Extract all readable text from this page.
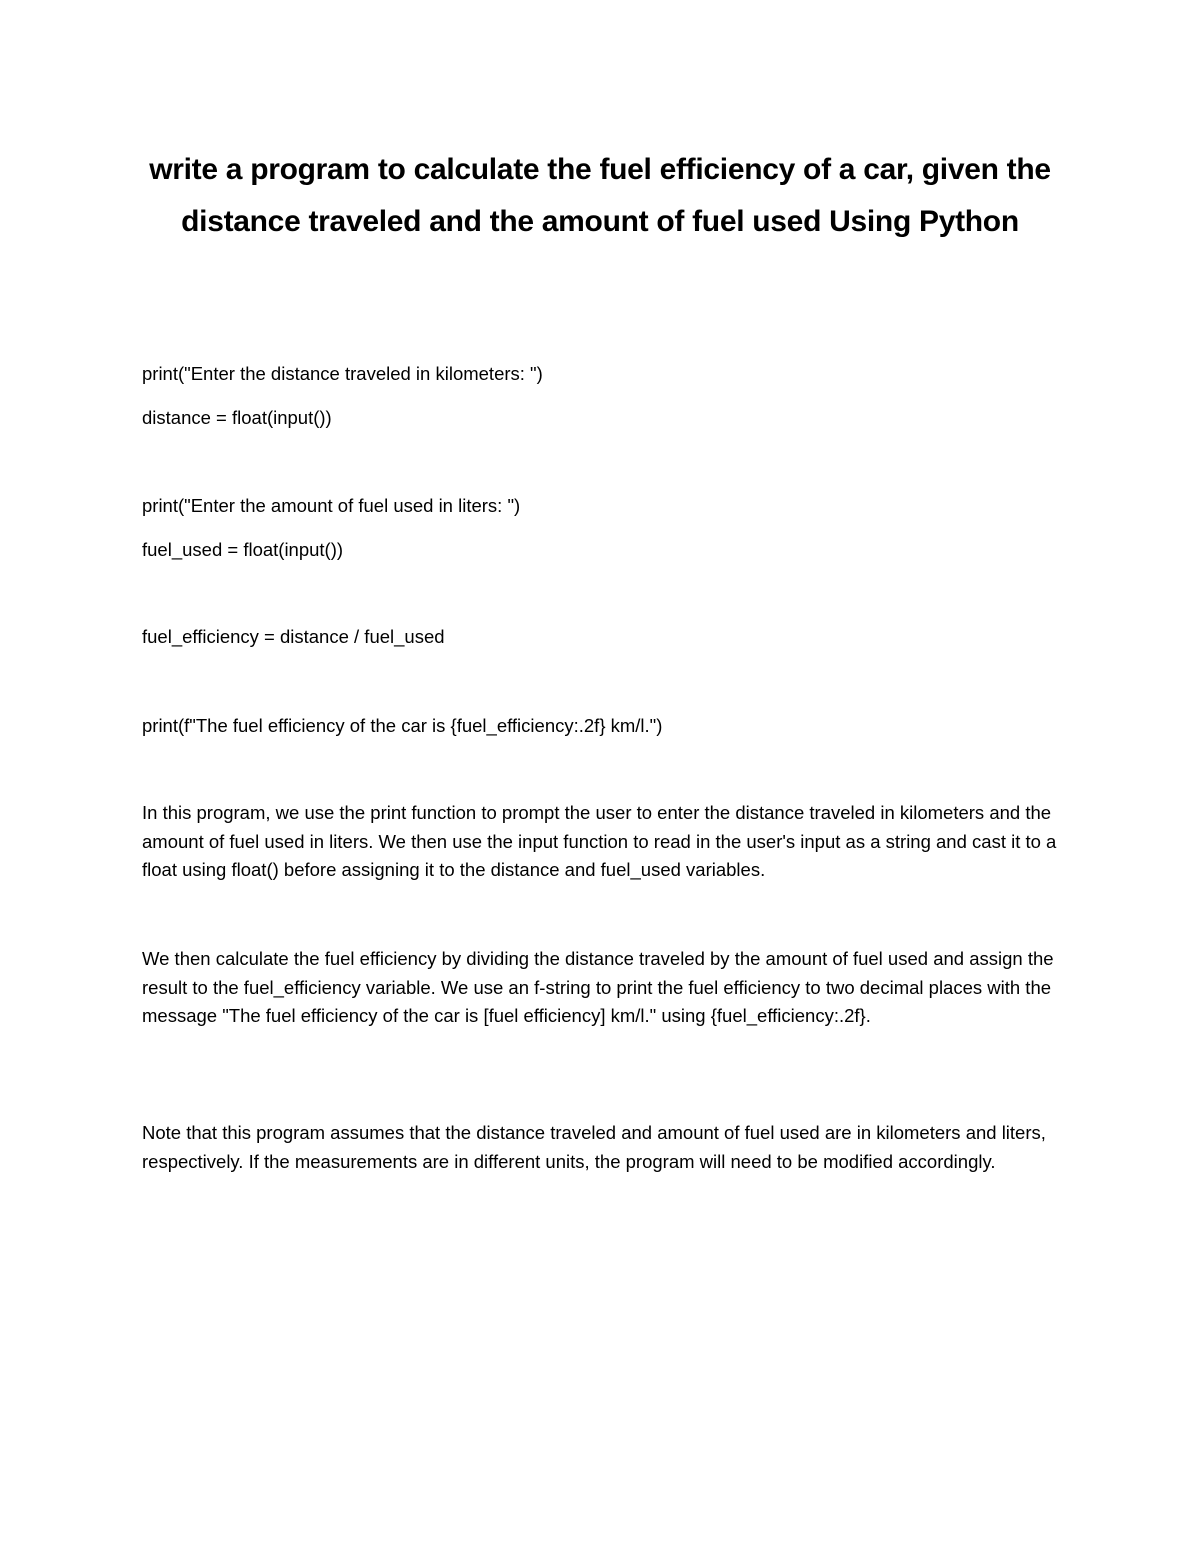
write a program to calculate the fuel efficiency of a car, given the distance traveled and the amount of fuel used Using Python

print("Enter the distance traveled in kilometers: ")

distance = float(input())

print("Enter the amount of fuel used in liters: ")

fuel_used = float(input())

fuel_efficiency = distance / fuel_used

print(f"The fuel efficiency of the car is {fuel_efficiency:.2f} km/l.")

In this program, we use the print function to prompt the user to enter the distance traveled in kilometers and the amount of fuel used in liters. We then use the input function to read in the user's input as a string and cast it to a float using float() before assigning it to the distance and fuel_used variables.

We then calculate the fuel efficiency by dividing the distance traveled by the amount of fuel used and assign the result to the fuel_efficiency variable. We use an f-string to print the fuel efficiency to two decimal places with the message "The fuel efficiency of the car is [fuel efficiency] km/l." using {fuel_efficiency:.2f}.

Note that this program assumes that the distance traveled and amount of fuel used are in kilometers and liters, respectively. If the measurements are in different units, the program will need to be modified accordingly.
